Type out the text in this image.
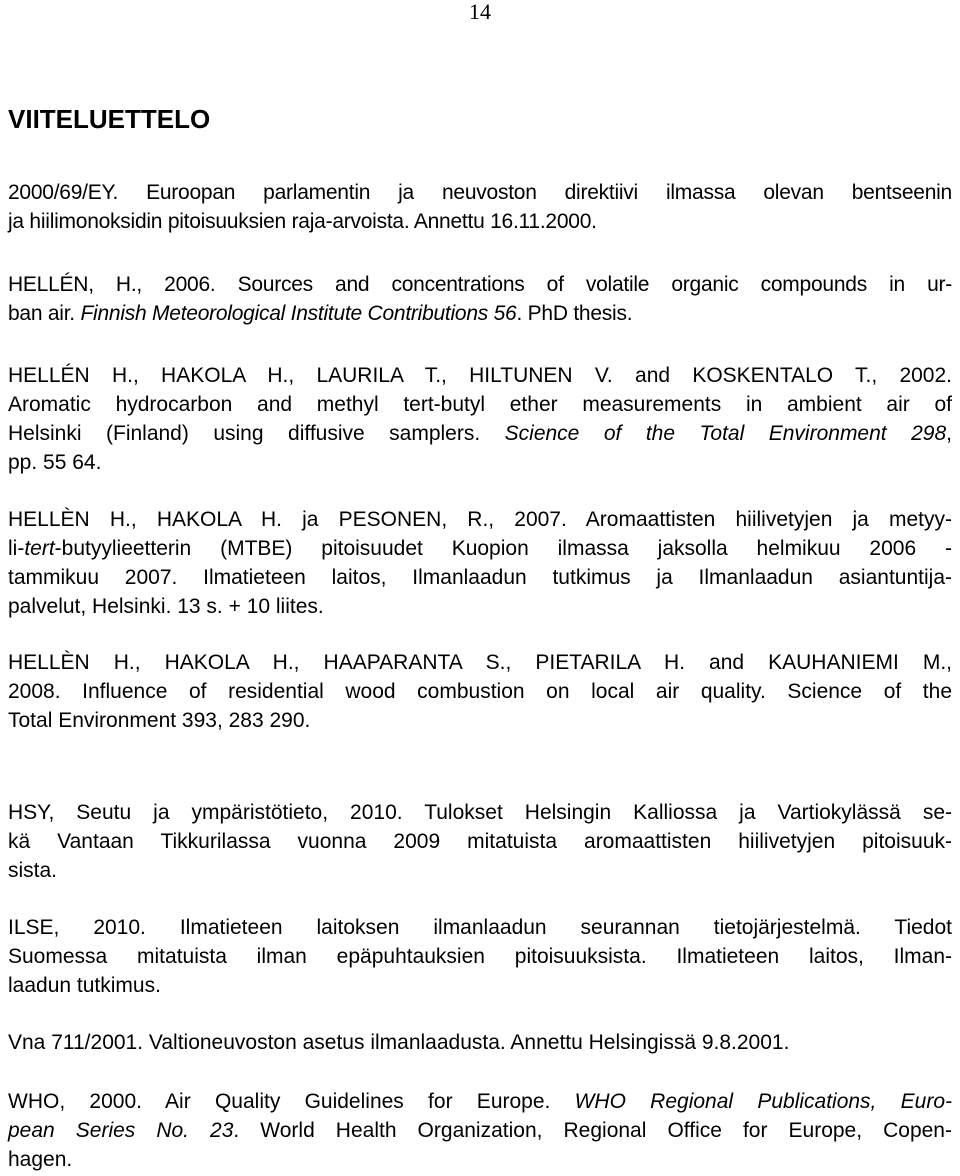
14
VIITELUETTELO
2000/69/EY. Euroopan parlamentin ja neuvoston direktiivi ilmassa olevan bentseenin
ja hiilimonoksidin pitoisuuksien raja-arvoista. Annettu 16.11.2000.
HELLÉN, H., 2006. Sources and concentrations of volatile organic compounds in ur-
ban air. Finnish Meteorological Institute Contributions 56. PhD thesis.
HELLÉN H., HAKOLA H., LAURILA T., HILTUNEN V. and KOSKENTALO T., 2002.
Aromatic hydrocarbon and methyl tert-butyl ether measurements in ambient air of
Helsinki (Finland) using diffusive samplers. Science of the Total Environment 298,
pp. 55 64.
HELLÈN H., HAKOLA H. ja PESONEN, R., 2007. Aromaattisten hiilivetyjen ja metyy-
li-tert-butyylieetterin (MTBE) pitoisuudet Kuopion ilmassa jaksolla helmikuu 2006 -
tammikuu 2007. Ilmatieteen laitos, Ilmanlaadun tutkimus ja Ilmanlaadun asiantuntija-
palvelut, Helsinki. 13 s. + 10 liites.
HELLÈN H., HAKOLA H., HAAPARANTA S., PIETARILA H. and KAUHANIEMI M.,
2008. Influence of residential wood combustion on local air quality. Science of the
Total Environment 393, 283 290.
HSY, Seutu ja ympäristötieto, 2010. Tulokset Helsingin Kalliossa ja Vartiokylässä se-
kä Vantaan Tikkurilassa vuonna 2009 mitatuista aromaattisten hiilivetyjen pitoisuuk-
sista.
ILSE, 2010. Ilmatieteen laitoksen ilmanlaadun seurannan tietojärjestelmä. Tiedot
Suomessa mitatuista ilman epäpuhtauksien pitoisuuksista. Ilmatieteen laitos, Ilman-
laadun tutkimus.
Vna 711/2001. Valtioneuvoston asetus ilmanlaadusta. Annettu Helsingissä 9.8.2001.
WHO, 2000. Air Quality Guidelines for Europe. WHO Regional Publications, Euro-
pean Series No. 23. World Health Organization, Regional Office for Europe, Copen-
hagen.
